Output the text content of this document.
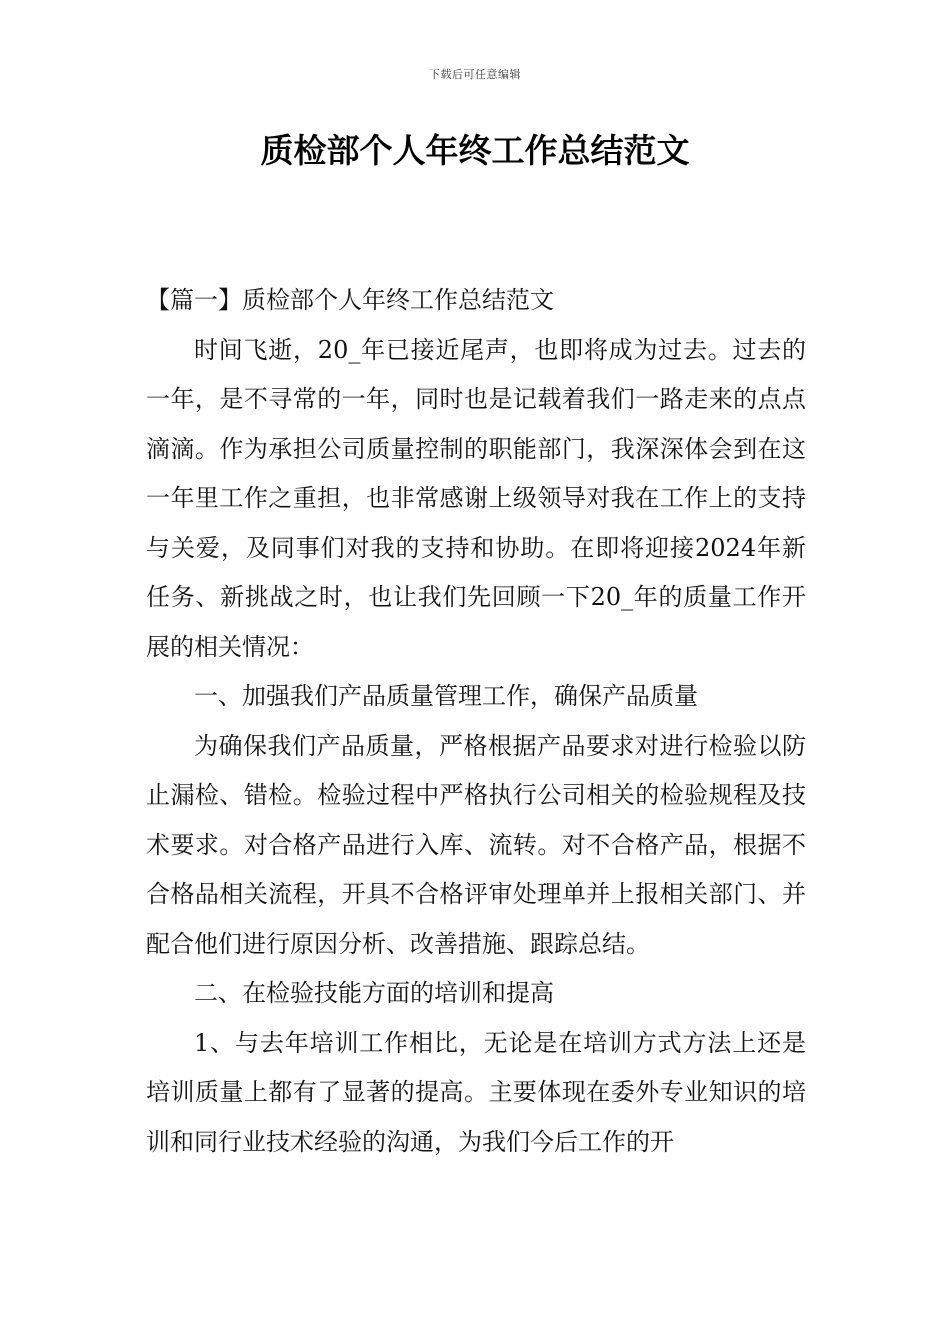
下载后可任意编辑
质检部个人年终工作总结范文

【篇一】质检部个人年终工作总结范文

时间飞逝，20_年已接近尾声，也即将成为过去。过去的一年，是不寻常的一年，同时也是记载着我们一路走来的点点滴滴。作为承担公司质量控制的职能部门，我深深体会到在这一年里工作之重担，也非常感谢上级领导对我在工作上的支持与关爱，及同事们对我的支持和协助。在即将迎接2024年新任务、新挑战之时，也让我们先回顾一下20_年的质量工作开展的相关情况：

一、加强我们产品质量管理工作，确保产品质量

为确保我们产品质量，严格根据产品要求对进行检验以防止漏检、错检。检验过程中严格执行公司相关的检验规程及技术要求。对合格产品进行入库、流转。对不合格产品，根据不合格品相关流程，开具不合格评审处理单并上报相关部门、并配合他们进行原因分析、改善措施、跟踪总结。

二、在检验技能方面的培训和提高

1、与去年培训工作相比，无论是在培训方式方法上还是培训质量上都有了显著的提高。主要体现在委外专业知识的培训和同行业技术经验的沟通，为我们今后工作的开
